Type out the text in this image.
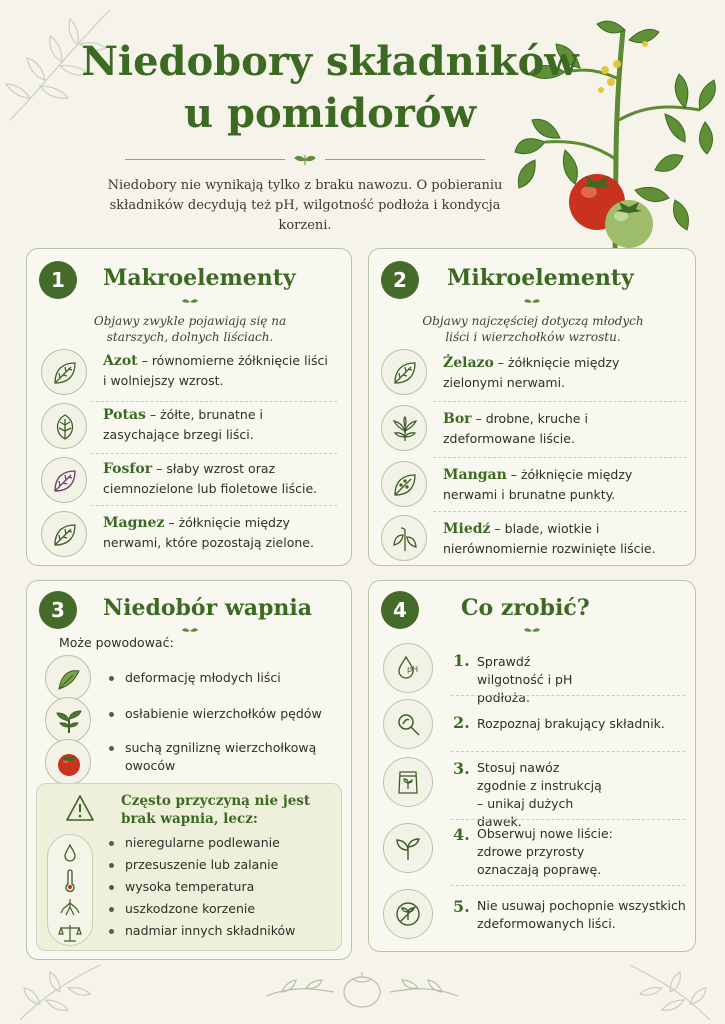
Niedobory składników
u pomidorów
Niedobory nie wynikają tylko z braku nawozu. O pobieraniu składników decydują też pH, wilgotność podłoża i kondycja korzeni.
1	Makroelementy
Objawy zwykle pojawiają się na starszych, dolnych liściach.
Azot – równomierne żółknięcie liści i wolniejszy wzrost.
Potas – żółte, brunatne i zasychające brzegi liści.
Fosfor – słaby wzrost oraz ciemnozielone lub fioletowe liście.
Magnez – żółknięcie między nerwami, które pozostają zielone.
2	Mikroelementy
Objawy najczęściej dotyczą młodych liści i wierzchołków wzrostu.
Żelazo – żółknięcie między zielonymi nerwami.
Bor – drobne, kruche i zdeformowane liście.
Mangan – żółknięcie między nerwami i brunatne punkty.
Miedź – blade, wiotkie i nierównomiernie rozwinięte liście.
3	Niedobór wapnia
Może powodować:
deformację młodych liści
osłabienie wierzchołków pędów
suchą zgniliznę wierzchołkową owoców
Często przyczyną nie jest brak wapnia, lecz:
nieregularne podlewanie
przesuszenie lub zalanie
wysoka temperatura
uszkodzone korzenie
nadmiar innych składników
4	Co zrobić?
pH 1. Sprawdź wilgotność i pH podłoża.
2. Rozpoznaj brakujący składnik.
3. Stosuj nawóz zgodnie z instrukcją – unikaj dużych dawek.
4. Obserwuj nowe liście: zdrowe przyrosty oznaczają poprawę.
5. Nie usuwaj pochopnie wszystkich zdeformowanych liści.
